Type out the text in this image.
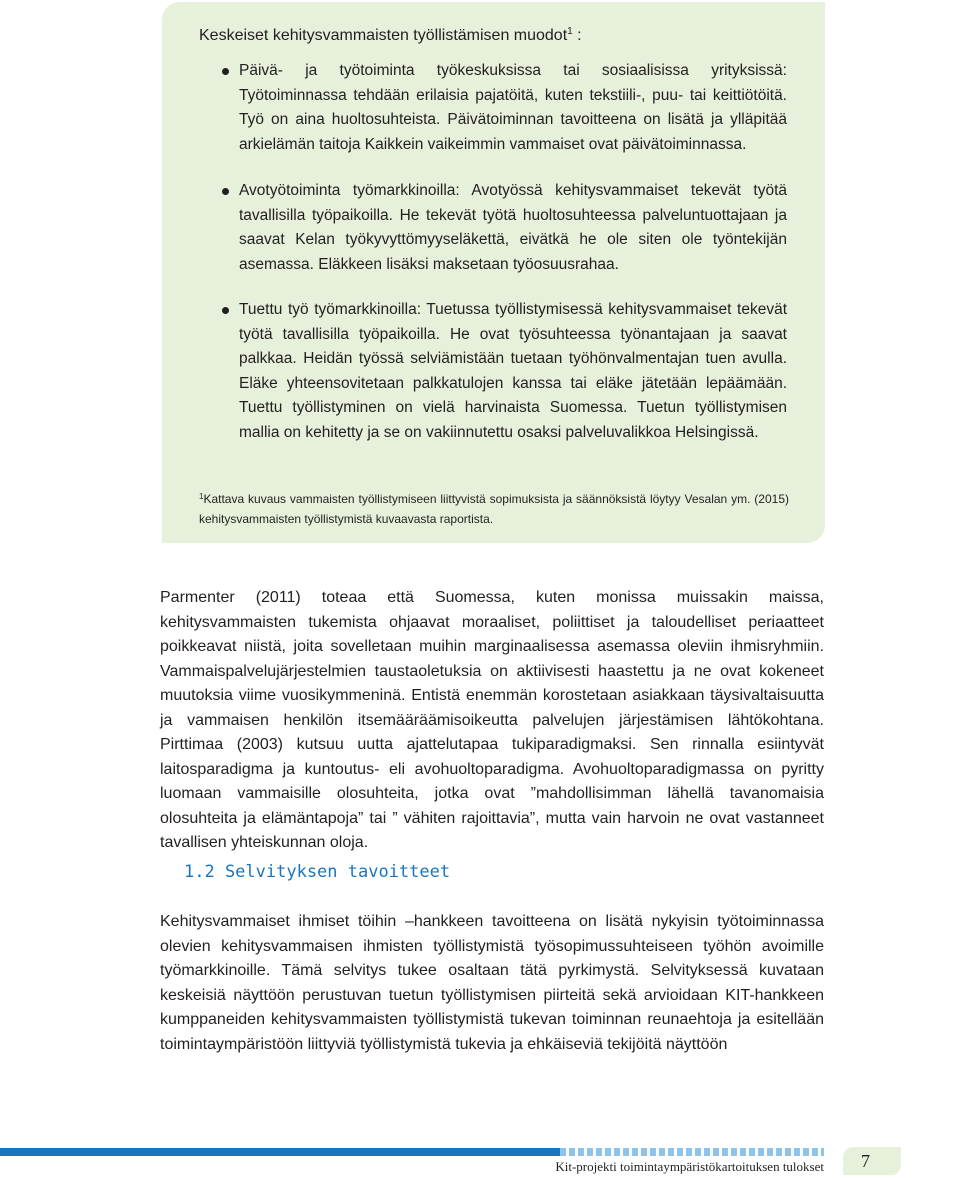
Keskeiset kehitysvammaisten työllistämisen muodot$^1$ :

Päivä- ja työtoiminta työkeskuksissa tai sosiaalisissa yrityksissä: Työtoiminnassa tehdään erilaisia pajatöitä, kuten tekstiili-, puu- tai keittiötöitä. Työ on aina huoltosuhteista. Päivätoiminnan tavoitteena on lisätä ja ylläpitää arkielämän taitoja Kaikkein vaikeimmin vammaiset ovat päivätoiminnassa.

Avotyötoiminta työmarkkinoilla: Avotyössä kehitysvammaiset tekevät työtä tavallisilla työpaikoilla. He tekevät työtä huoltosuhteessa palveluntuottajaan ja saavat Kelan työkyvyttömyyseläkettä, eivätkä he ole siten ole työntekijän asemassa. Eläkkeen lisäksi maksetaan työosuusrahaa.

Tuettu työ työmarkkinoilla: Tuetussa työllistymisessä kehitysvammaiset tekevät työtä tavallisilla työpaikoilla. He ovat työsuhteessa työnantajaan ja saavat palkkaa. Heidän työssä selviämistään tuetaan työhönvalmentajan tuen avulla. Eläke yhteensovitetaan palkkatulojen kanssa tai eläke jätetään lepäämään. Tuettu työllistyminen on vielä harvinaista Suomessa. Tuetun työllistymisen mallia on kehitetty ja se on vakiinnutettu osaksi palveluvalikkoa Helsingissä.

$^1$Kattava kuvaus vammaisten työllistymiseen liittyvistä sopimuksista ja säännöksistä löytyy Vesalan ym. (2015) kehitysvammaisten työllistymistä kuvaavasta raportista.

Parmenter (2011) toteaa että Suomessa, kuten monissa muissakin maissa, kehitysvammaisten tukemista ohjaavat moraaliset, poliittiset ja taloudelliset periaatteet poikkeavat niistä, joita sovelletaan muihin marginaalisessa asemassa oleviin ihmisryhmiin. Vammaispalvelujärjestelmien taustaoletuksia on aktiivisesti haastettu ja ne ovat kokeneet muutoksia viime vuosikymmeninä. Entistä enemmän korostetaan asiakkaan täysivaltaisuutta ja vammaisen henkilön itsemääräämisoikeutta palvelujen järjestämisen lähtökohtana. Pirttimaa (2003) kutsuu uutta ajattelutapaa tukiparadigmaksi. Sen rinnalla esiintyvät laitosparadigma ja kuntoutus- eli avohuoltoparadigma. Avohuoltoparadigmassa on pyritty luomaan vammaisille olosuhteita, jotka ovat ”mahdollisimman lähellä tavanomaisia olosuhteita ja elämäntapoja” tai ” vähiten rajoittavia”, mutta vain harvoin ne ovat vastanneet tavallisen yhteiskunnan oloja.

1.2 Selvityksen tavoitteet

Kehitysvammaiset ihmiset töihin –hankkeen tavoitteena on lisätä nykyisin työtoiminnassa olevien kehitysvammaisen ihmisten työllistymistä työsopimussuhteiseen työhön avoimille työmarkkinoille. Tämä selvitys tukee osaltaan tätä pyrkimystä. Selvityksessä kuvataan keskeisiä näyttöön perustuvan tuetun työllistymisen piirteitä sekä arvioidaan KIT-hankkeen kumppaneiden kehitysvammaisten työllistymistä tukevan toiminnan reunaehtoja ja esitellään toimintaympäristöön liittyviä työllistymistä tukevia ja ehkäiseviä tekijöitä näyttöön

Kit-projekti toimintaympäristökartoituksen tulokset	7
